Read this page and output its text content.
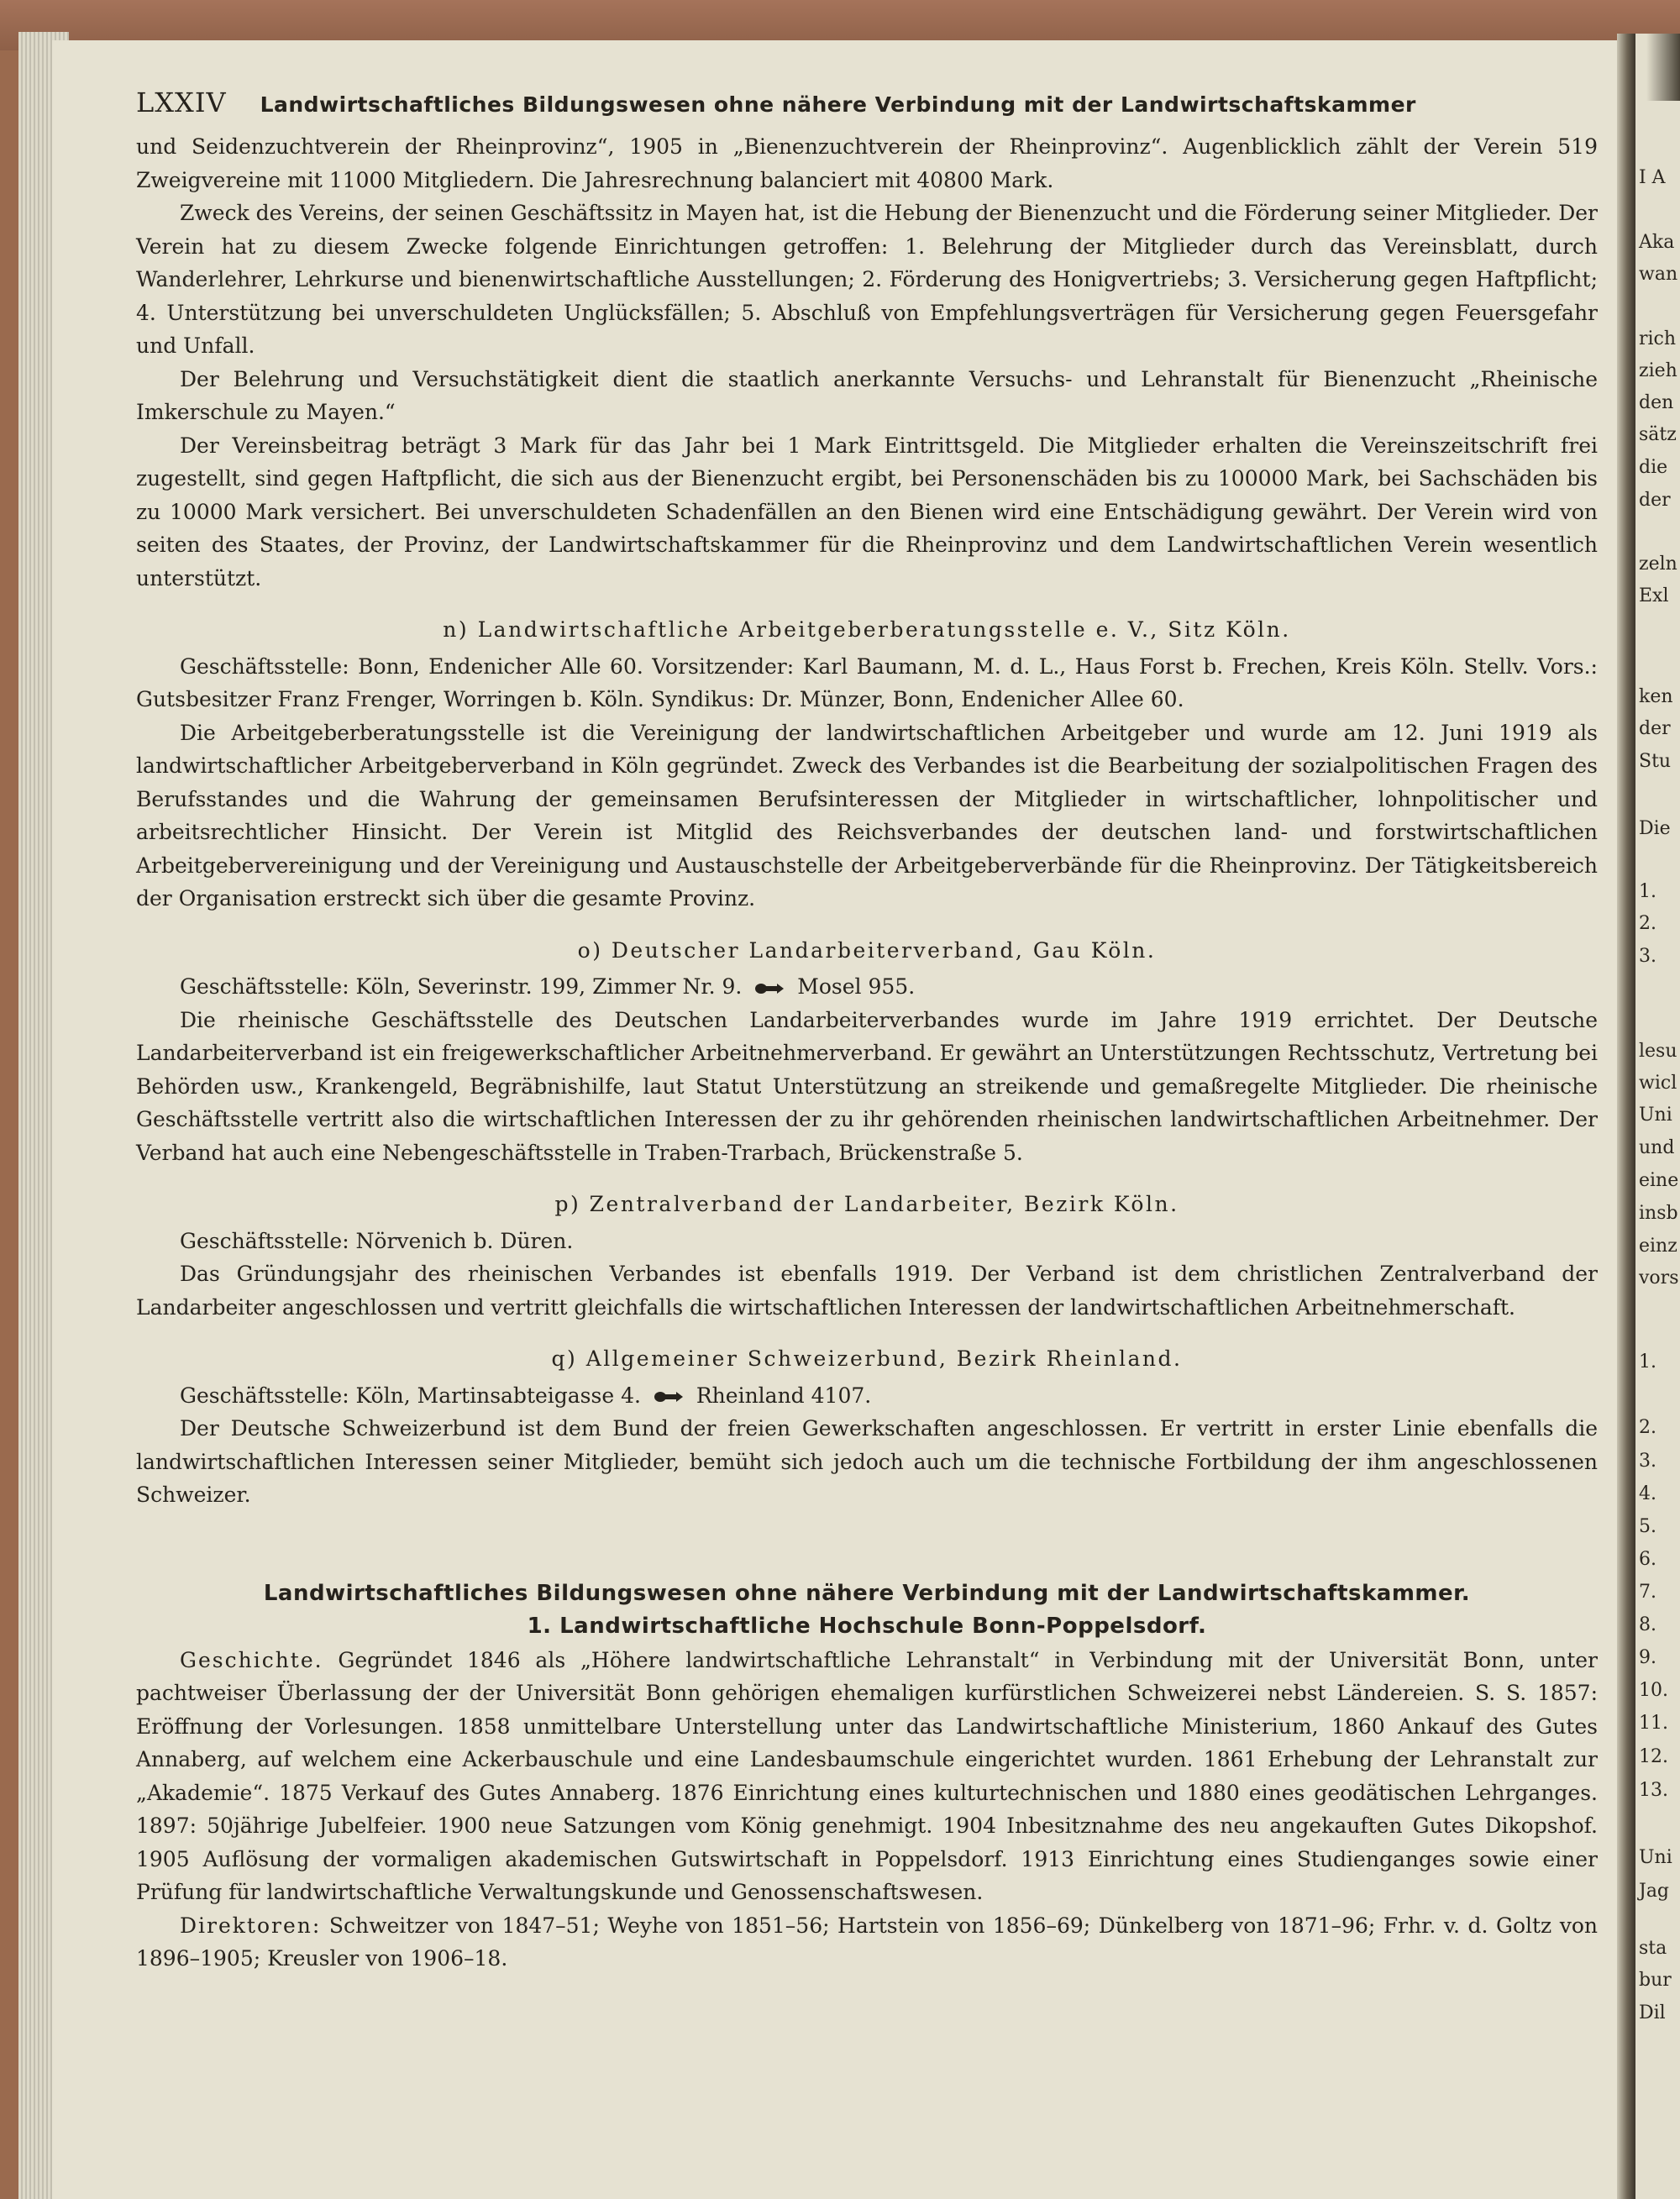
I A
Aka
wan
rich
zieh
den
sätz
die
der
zeln
Exl
ken
der
Stu
Die
1.
2.
3.
lesu
wicl
Uni
und
eine
insb
einz
vors
1.
2.
3.
4.
5.
6.
7.
8.
9.
10.
11.
12.
13.
Uni
Jag
sta
bur
Dil
LXXIV Landwirtschaftliches Bildungswesen ohne nähere Verbindung mit der Landwirtschaftskammer

und Seidenzuchtverein der Rheinprovinz“, 1905 in „Bienenzuchtverein der Rheinprovinz“. Augenblicklich zählt der Verein 519 Zweigvereine mit 11000 Mitgliedern. Die Jahresrechnung balanciert mit 40800 Mark.

Zweck des Vereins, der seinen Geschäftssitz in Mayen hat, ist die Hebung der Bienenzucht und die Förderung seiner Mitglieder. Der Verein hat zu diesem Zwecke folgende Einrichtungen getroffen: 1. Belehrung der Mitglieder durch das Vereinsblatt, durch Wanderlehrer, Lehrkurse und bienenwirtschaftliche Ausstellungen; 2. Förderung des Honigvertriebs; 3. Versicherung gegen Haftpflicht; 4. Unterstützung bei unverschuldeten Unglücksfällen; 5. Abschluß von Empfehlungsverträgen für Versicherung gegen Feuersgefahr und Unfall.

Der Belehrung und Versuchstätigkeit dient die staatlich anerkannte Versuchs- und Lehranstalt für Bienenzucht „Rheinische Imkerschule zu Mayen.“

Der Vereinsbeitrag beträgt 3 Mark für das Jahr bei 1 Mark Eintrittsgeld. Die Mitglieder erhalten die Vereinszeitschrift frei zugestellt, sind gegen Haftpflicht, die sich aus der Bienenzucht ergibt, bei Personenschäden bis zu 100000 Mark, bei Sachschäden bis zu 10000 Mark versichert. Bei unverschuldeten Schadenfällen an den Bienen wird eine Entschädigung gewährt. Der Verein wird von seiten des Staates, der Provinz, der Landwirtschaftskammer für die Rheinprovinz und dem Landwirtschaftlichen Verein wesentlich unterstützt.

n) Landwirtschaftliche Arbeitgeberberatungsstelle e. V., Sitz Köln.

Geschäftsstelle: Bonn, Endenicher Alle 60. Vorsitzender: Karl Baumann, M. d. L., Haus Forst b. Frechen, Kreis Köln. Stellv. Vors.: Gutsbesitzer Franz Frenger, Worringen b. Köln. Syndikus: Dr. Münzer, Bonn, Endenicher Allee 60.

Die Arbeitgeberberatungsstelle ist die Vereinigung der landwirtschaftlichen Arbeitgeber und wurde am 12. Juni 1919 als landwirtschaftlicher Arbeitgeberverband in Köln gegründet. Zweck des Verbandes ist die Bearbeitung der sozialpolitischen Fragen des Berufsstandes und die Wahrung der gemeinsamen Berufsinteressen der Mitglieder in wirtschaftlicher, lohnpolitischer und arbeitsrechtlicher Hinsicht. Der Verein ist Mitglid des Reichsverbandes der deutschen land- und forstwirtschaftlichen Arbeitgebervereinigung und der Vereinigung und Austauschstelle der Arbeitgeberverbände für die Rheinprovinz. Der Tätigkeitsbereich der Organisation erstreckt sich über die gesamte Provinz.

o) Deutscher Landarbeiterverband, Gau Köln.

Geschäftsstelle: Köln, Severinstr. 199, Zimmer Nr. 9.	Mosel 955.

Die rheinische Geschäftsstelle des Deutschen Landarbeiterverbandes wurde im Jahre 1919 errichtet. Der Deutsche Landarbeiterverband ist ein freigewerkschaftlicher Arbeitnehmerverband. Er gewährt an Unterstützungen Rechtsschutz, Vertretung bei Behörden usw., Krankengeld, Begräbnishilfe, laut Statut Unterstützung an streikende und gemaßregelte Mitglieder. Die rheinische Geschäftsstelle vertritt also die wirtschaftlichen Interessen der zu ihr gehörenden rheinischen landwirtschaftlichen Arbeitnehmer. Der Verband hat auch eine Nebengeschäftsstelle in Traben-Trarbach, Brückenstraße 5.

p) Zentralverband der Landarbeiter, Bezirk Köln.

Geschäftsstelle: Nörvenich b. Düren.

Das Gründungsjahr des rheinischen Verbandes ist ebenfalls 1919. Der Verband ist dem christlichen Zentralverband der Landarbeiter angeschlossen und vertritt gleichfalls die wirtschaftlichen Interessen der landwirtschaftlichen Arbeitnehmerschaft.

q) Allgemeiner Schweizerbund, Bezirk Rheinland.

Geschäftsstelle: Köln, Martinsabteigasse 4.	Rheinland 4107.

Der Deutsche Schweizerbund ist dem Bund der freien Gewerkschaften angeschlossen. Er vertritt in erster Linie ebenfalls die landwirtschaftlichen Interessen seiner Mitglieder, bemüht sich jedoch auch um die technische Fortbildung der ihm angeschlossenen Schweizer.

Landwirtschaftliches Bildungswesen ohne nähere Verbindung mit der Landwirtschaftskammer.
1. Landwirtschaftliche Hochschule Bonn-Poppelsdorf.

Geschichte. Gegründet 1846 als „Höhere landwirtschaftliche Lehranstalt“ in Verbindung mit der Universität Bonn, unter pachtweiser Überlassung der der Universität Bonn gehörigen ehemaligen kurfürstlichen Schweizerei nebst Ländereien. S. S. 1857: Eröffnung der Vorlesungen. 1858 unmittelbare Unterstellung unter das Landwirtschaftliche Ministerium, 1860 Ankauf des Gutes Annaberg, auf welchem eine Ackerbauschule und eine Landesbaumschule eingerichtet wurden. 1861 Erhebung der Lehranstalt zur „Akademie“. 1875 Verkauf des Gutes Annaberg. 1876 Einrichtung eines kulturtechnischen und 1880 eines geodätischen Lehrganges. 1897: 50jährige Jubelfeier. 1900 neue Satzungen vom König genehmigt. 1904 Inbesitznahme des neu angekauften Gutes Dikopshof. 1905 Auflösung der vormaligen akademischen Gutswirtschaft in Poppelsdorf. 1913 Einrichtung eines Studienganges sowie einer Prüfung für landwirtschaftliche Verwaltungskunde und Genossenschaftswesen.

Direktoren: Schweitzer von 1847–51; Weyhe von 1851–56; Hartstein von 1856–69; Dünkelberg von 1871–96; Frhr. v. d. Goltz von 1896–1905; Kreusler von 1906–18.
